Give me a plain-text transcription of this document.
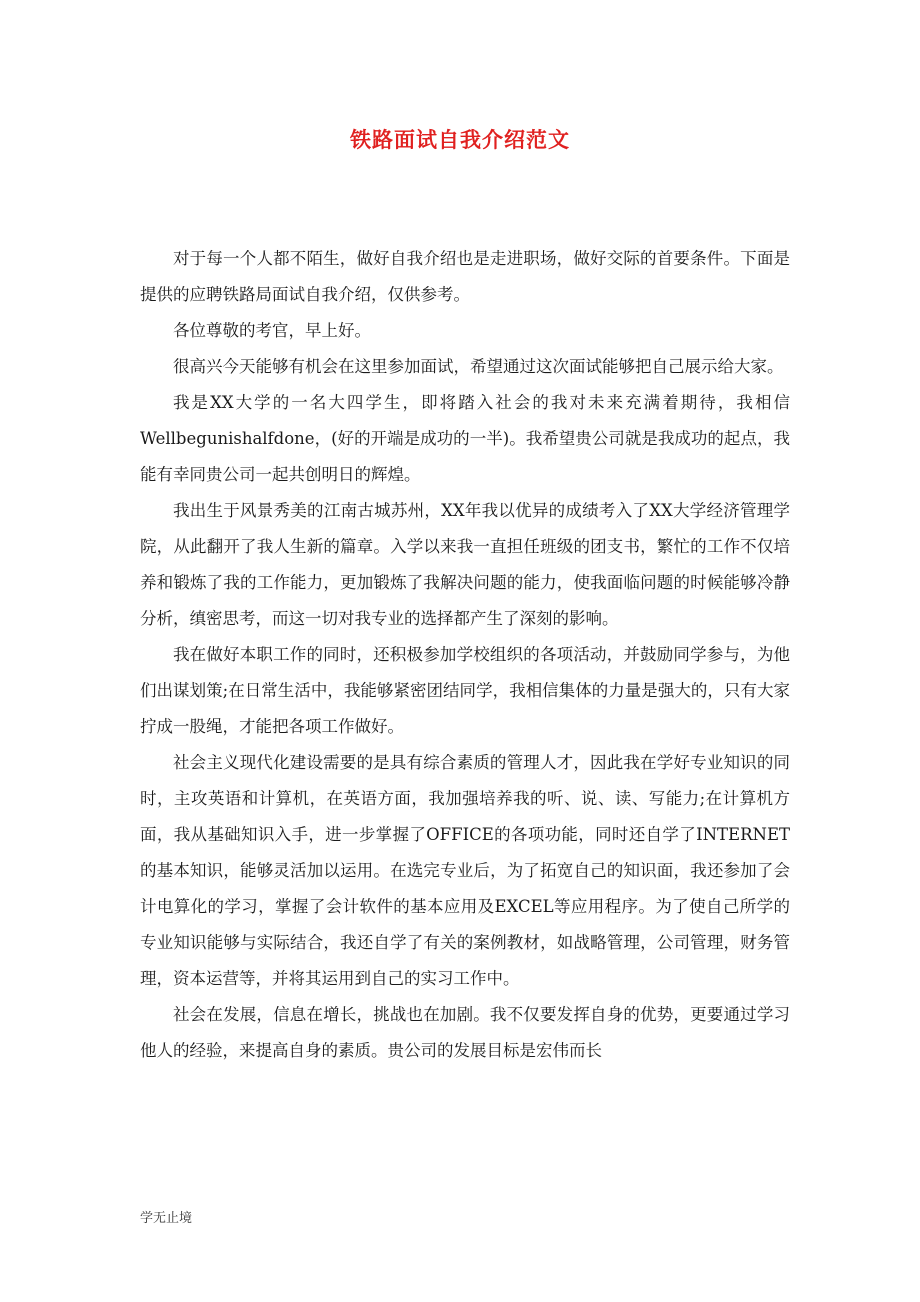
铁路面试自我介绍范文

对于每一个人都不陌生，做好自我介绍也是走进职场，做好交际的首要条件。下面是提供的应聘铁路局面试自我介绍，仅供参考。

各位尊敬的考官，早上好。

很高兴今天能够有机会在这里参加面试，希望通过这次面试能够把自己展示给大家。

我是XX大学的一名大四学生，即将踏入社会的我对未来充满着期待，我相信Wellbegunishalfdone，(好的开端是成功的一半)。我希望贵公司就是我成功的起点，我能有幸同贵公司一起共创明日的辉煌。

我出生于风景秀美的江南古城苏州，XX年我以优异的成绩考入了XX大学经济管理学院，从此翻开了我人生新的篇章。入学以来我一直担任班级的团支书，繁忙的工作不仅培养和锻炼了我的工作能力，更加锻炼了我解决问题的能力，使我面临问题的时候能够冷静分析，缜密思考，而这一切对我专业的选择都产生了深刻的影响。

我在做好本职工作的同时，还积极参加学校组织的各项活动，并鼓励同学参与，为他们出谋划策;在日常生活中，我能够紧密团结同学，我相信集体的力量是强大的，只有大家拧成一股绳，才能把各项工作做好。

社会主义现代化建设需要的是具有综合素质的管理人才，因此我在学好专业知识的同时，主攻英语和计算机，在英语方面，我加强培养我的听、说、读、写能力;在计算机方面，我从基础知识入手，进一步掌握了OFFICE的各项功能，同时还自学了INTERNET的基本知识，能够灵活加以运用。在选完专业后，为了拓宽自己的知识面，我还参加了会计电算化的学习，掌握了会计软件的基本应用及EXCEL等应用程序。为了使自己所学的专业知识能够与实际结合，我还自学了有关的案例教材，如战略管理，公司管理，财务管理，资本运营等，并将其运用到自己的实习工作中。

社会在发展，信息在增长，挑战也在加剧。我不仅要发挥自身的优势，更要通过学习他人的经验，来提高自身的素质。贵公司的发展目标是宏伟而长

学无止境
